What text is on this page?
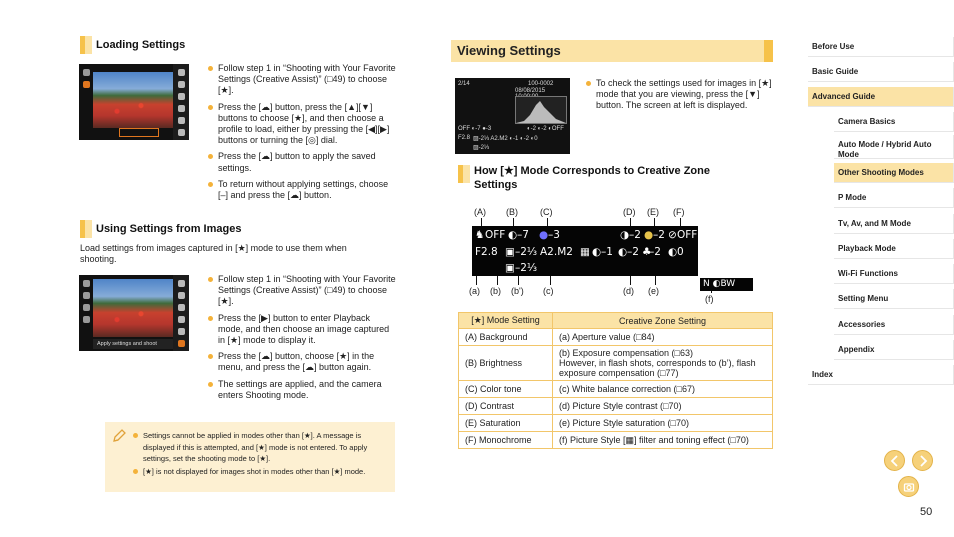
Loading Settings
Follow step 1 in “Shooting with Your Favorite Settings (Creative Assist)” (□49) to choose [★].
Press the [☁] button, press the [▲][▼] buttons to choose [★], and then choose a profile to load, either by pressing the [◀][▶] buttons or turning the [◎] dial.
Press the [☁] button to apply the saved settings.
To return without applying settings, choose [–] and press the [☁] button.
Using Settings from Images
Load settings from images captured in [★] mode to use them when shooting.
Apply settings and shoot
Follow step 1 in “Shooting with Your Favorite Settings (Creative Assist)” (□49) to choose [★].
Press the [▶] button to enter Playback mode, and then choose an image captured in [★] mode to display it.
Press the [☁] button, choose [★] in the menu, and press the [☁] button again.
The settings are applied, and the camera enters Shooting mode.
Settings cannot be applied in modes other than [★]. A message is displayed if this is attempted, and [★] mode is not entered. To apply settings, set the shooting mode to [★].
[★] is not displayed for images shot in modes other than [★] mode.
Viewing Settings
2/14	100-0002
08/08/2015
OFF ◐-7 ●-3	◐-2 ◐-2 ◐OFF
F2.8 ▨-2⅓ A2.M2 ◐-1 ◐-2 ◐0
▨-2⅓
To check the settings used for images in [★] mode that you are viewing, press the [▼] button. The screen at left is displayed.
How [★] Mode Corresponds to Creative Zone Settings
(A) (B) (C)	(D) (E) (F)
♞ OFF ◐ –7 ● –3	◑ –2 ● –2 ⊘ OFF
F2.8 ▣ –2⅓ A2.M2 ▦ ◐ –1 ◐ –2 ♣
–2 ◐ 0
▣ –2⅓
N ◐BW
(a) (b) (b') (c)	(d) (e)
(f)
[★] Mode Setting	Creative Zone Setting
(A) Background	(a) Aperture value (□84)
(B) Brightness	(b) Exposure compensation (□63)
However, in flash shots, corresponds to (b’), flash exposure compensation (□77)
(C) Color tone	(c) White balance correction (□67)
(D) Contrast	(d) Picture Style contrast (□70)
(E) Saturation	(e) Picture Style saturation (□70)
(F) Monochrome	(f) Picture Style [▦] filter and toning effect (□70)
Before Use
Basic Guide
Advanced Guide
Camera Basics
Auto Mode / Hybrid Auto Mode
Other Shooting Modes
P Mode
Tv, Av, and M Mode
Playback Mode
Wi-Fi Functions
Setting Menu
Accessories
Appendix
Index
50
